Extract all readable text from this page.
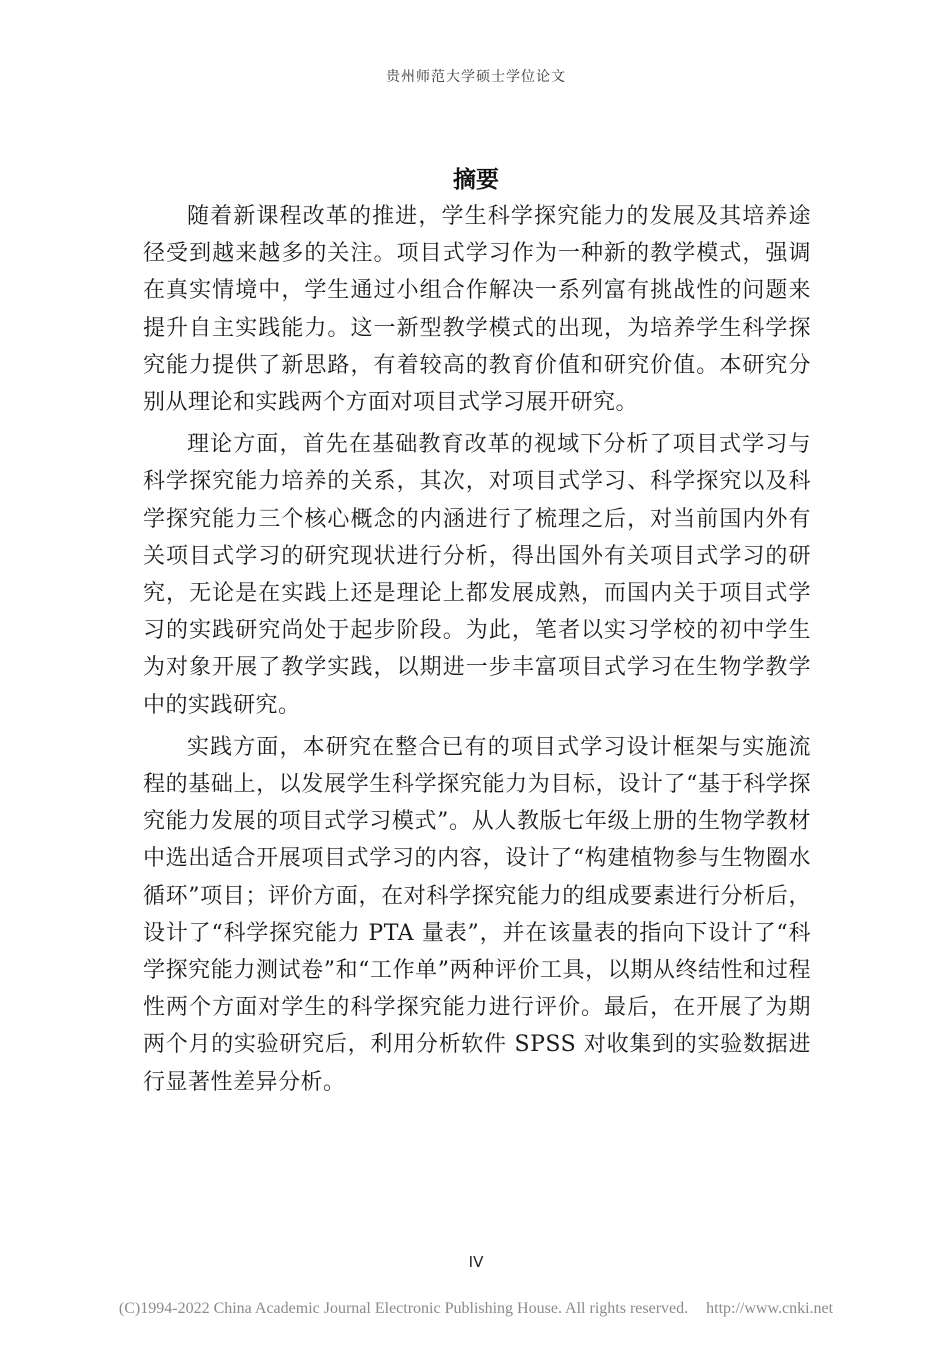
贵州师范大学硕士学位论文
摘要

随着新课程改革的推进，学生科学探究能力的发展及其培养途径受到越来越多的关注。项目式学习作为一种新的教学模式，强调在真实情境中，学生通过小组合作解决一系列富有挑战性的问题来提升自主实践能力。这一新型教学模式的出现，为培养学生科学探究能力提供了新思路，有着较高的教育价值和研究价值。本研究分别从理论和实践两个方面对项目式学习展开研究。

理论方面，首先在基础教育改革的视域下分析了项目式学习与科学探究能力培养的关系，其次，对项目式学习、科学探究以及科学探究能力三个核心概念的内涵进行了梳理之后，对当前国内外有关项目式学习的研究现状进行分析，得出国外有关项目式学习的研究，无论是在实践上还是理论上都发展成熟，而国内关于项目式学习的实践研究尚处于起步阶段。为此，笔者以实习学校的初中学生为对象开展了教学实践，以期进一步丰富项目式学习在生物学教学中的实践研究。

实践方面，本研究在整合已有的项目式学习设计框架与实施流程的基础上，以发展学生科学探究能力为目标，设计了“基于科学探究能力发展的项目式学习模式”。从人教版七年级上册的生物学教材中选出适合开展项目式学习的内容，设计了“构建植物参与生物圈水循环”项目；评价方面，在对科学探究能力的组成要素进行分析后，设计了“科学探究能力 PTA 量表”，并在该量表的指向下设计了“科学探究能力测试卷”和“工作单”两种评价工具，以期从终结性和过程性两个方面对学生的科学探究能力进行评价。最后，在开展了为期两个月的实验研究后，利用分析软件 SPSS 对收集到的实验数据进行显著性差异分析。

IV
(C)1994-2022 China Academic Journal Electronic Publishing House. All rights reserved. http://www.cnki.net
